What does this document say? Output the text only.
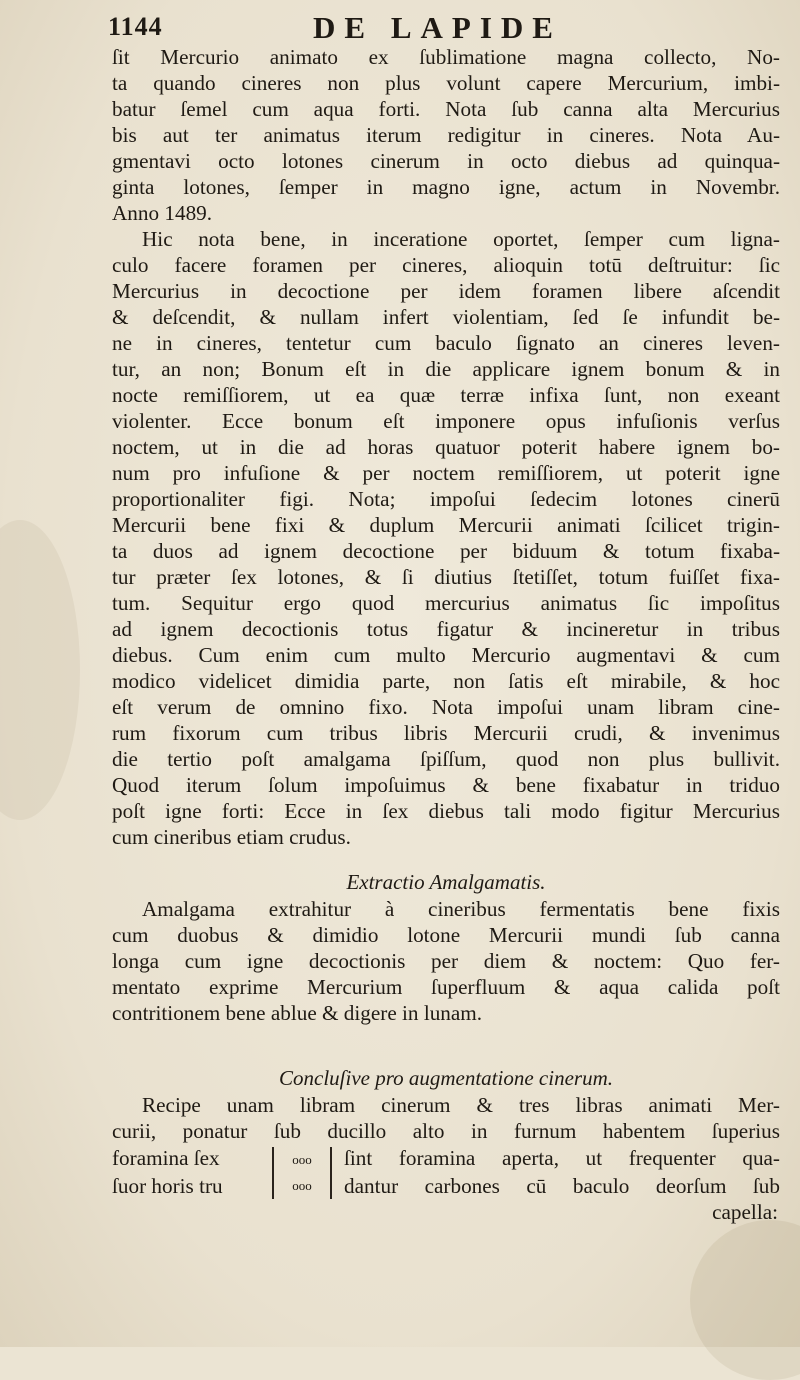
1144	DE LAPIDE
ſit Mercurio animato ex ſublimatione magna collecto, No-
ta quando cineres non plus volunt capere Mercurium, imbi-
batur ſemel cum aqua forti. Nota ſub canna alta Mercurius
bis aut ter animatus iterum redigitur in cineres. Nota Au-
gmentavi octo lotones cinerum in octo diebus ad quinqua-
ginta lotones, ſemper in magno igne, actum in Novembr.
Anno 1489.
Hic nota bene, in inceratione oportet, ſemper cum ligna-
culo facere foramen per cineres, alioquin totū deſtruitur: ſic
Mercurius in decoctione per idem foramen libere aſcendit
& deſcendit, & nullam infert violentiam, ſed ſe infundit be-
ne in cineres, tentetur cum baculo ſignato an cineres leven-
tur, an non; Bonum eſt in die applicare ignem bonum & in
nocte remiſſiorem, ut ea quæ terræ infixa ſunt, non exeant
violenter. Ecce bonum eſt imponere opus infuſionis verſus
noctem, ut in die ad horas quatuor poterit habere ignem bo-
num pro infuſione & per noctem remiſſiorem, ut poterit igne
proportionaliter figi. Nota; impoſui ſedecim lotones cinerū
Mercurii bene fixi & duplum Mercurii animati ſcilicet trigin-
ta duos ad ignem decoctione per biduum & totum fixaba-
tur præter ſex lotones, & ſi diutius ſtetiſſet, totum fuiſſet fixa-
tum. Sequitur ergo quod mercurius animatus ſic impoſitus
ad ignem decoctionis totus figatur & incineretur in tribus
diebus. Cum enim cum multo Mercurio augmentavi & cum
modico videlicet dimidia parte, non ſatis eſt mirabile, & hoc
eſt verum de omnino fixo. Nota impoſui unam libram cine-
rum fixorum cum tribus libris Mercurii crudi, & invenimus
die tertio poſt amalgama ſpiſſum, quod non plus bullivit.
Quod iterum ſolum impoſuimus & bene fixabatur in triduo
poſt igne forti: Ecce in ſex diebus tali modo figitur Mercurius
cum cineribus etiam crudus.
Extractio Amalgamatis.
Amalgama extrahitur à cineribus fermentatis bene fixis
cum duobus & dimidio lotone Mercurii mundi ſub canna
longa cum igne decoctionis per diem & noctem: Quo fer-
mentato exprime Mercurium ſuperfluum & aqua calida poſt
contritionem bene ablue & digere in lunam.
Concluſive pro augmentatione cinerum.
Recipe unam libram cinerum & tres libras animati Mer-
curii, ponatur ſub ducillo alto in furnum habentem ſuperius
foramina ſex
ſuor horis tru
ooo
ooo
ſint foramina aperta, ut frequenter qua-
dantur carbones cū baculo deorſum ſub
capella:
